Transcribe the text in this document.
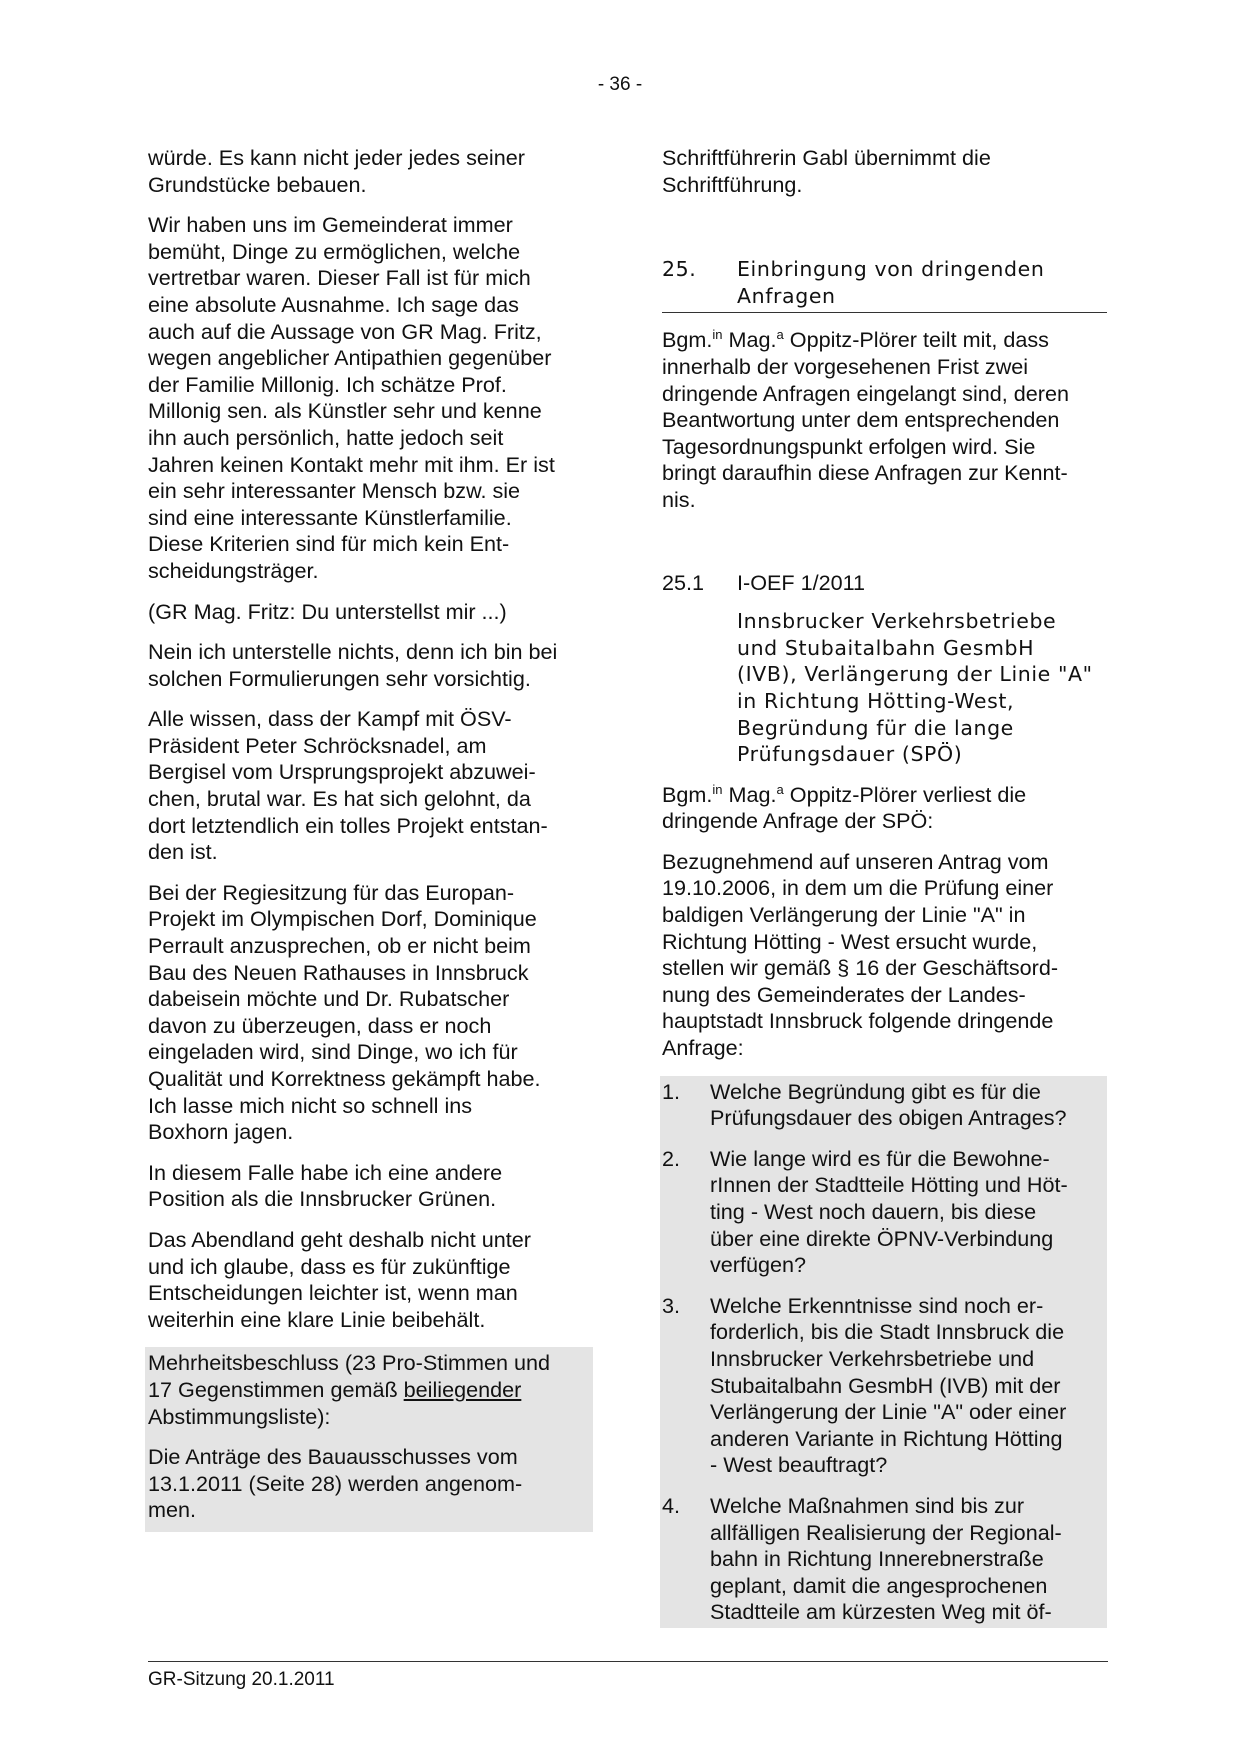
- 36 -
würde. Es kann nicht jeder jedes seiner
Grundstücke bebauen.
Wir haben uns im Gemeinderat immer
bemüht, Dinge zu ermöglichen, welche
vertretbar waren. Dieser Fall ist für mich
eine absolute Ausnahme. Ich sage das
auch auf die Aussage von GR Mag. Fritz,
wegen angeblicher Antipathien gegenüber
der Familie Millonig. Ich schätze Prof.
Millonig sen. als Künstler sehr und kenne
ihn auch persönlich, hatte jedoch seit
Jahren keinen Kontakt mehr mit ihm. Er ist
ein sehr interessanter Mensch bzw. sie
sind eine interessante Künstlerfamilie.
Diese Kriterien sind für mich kein Ent-
scheidungsträger.
(GR Mag. Fritz: Du unterstellst mir ...)
Nein ich unterstelle nichts, denn ich bin bei
solchen Formulierungen sehr vorsichtig.
Alle wissen, dass der Kampf mit ÖSV-
Präsident Peter Schröcksnadel, am
Bergisel vom Ursprungsprojekt abzuwei-
chen, brutal war. Es hat sich gelohnt, da
dort letztendlich ein tolles Projekt entstan-
den ist.
Bei der Regiesitzung für das Europan-
Projekt im Olympischen Dorf, Dominique
Perrault anzusprechen, ob er nicht beim
Bau des Neuen Rathauses in Innsbruck
dabeisein möchte und Dr. Rubatscher
davon zu überzeugen, dass er noch
eingeladen wird, sind Dinge, wo ich für
Qualität und Korrektness gekämpft habe.
Ich lasse mich nicht so schnell ins
Boxhorn jagen.
In diesem Falle habe ich eine andere
Position als die Innsbrucker Grünen.
Das Abendland geht deshalb nicht unter
und ich glaube, dass es für zukünftige
Entscheidungen leichter ist, wenn man
weiterhin eine klare Linie beibehält.
Mehrheitsbeschluss (23 Pro-Stimmen und
17 Gegenstimmen gemäß beiliegender
Abstimmungsliste):
Die Anträge des Bauausschusses vom
13.1.2011 (Seite 28) werden angenom-
men.
Schriftführerin Gabl übernimmt die
Schriftführung.
25.	Einbringung von dringenden
Anfragen
Bgm.$^{in}$ Mag.$^a$ Oppitz-Plörer teilt mit, dass
innerhalb der vorgesehenen Frist zwei
dringende Anfragen eingelangt sind, deren
Beantwortung unter dem entsprechenden
Tagesordnungspunkt erfolgen wird. Sie
bringt daraufhin diese Anfragen zur Kennt-
nis.
25.1	I-OEF 1/2011
Innsbrucker Verkehrsbetriebe
und Stubaitalbahn GesmbH
(IVB), Verlängerung der Linie "A"
in Richtung Hötting-West,
Begründung für die lange
Prüfungsdauer (SPÖ)
Bgm.$^{in}$ Mag.$^a$ Oppitz-Plörer verliest die
dringende Anfrage der SPÖ:
Bezugnehmend auf unseren Antrag vom
19.10.2006, in dem um die Prüfung einer
baldigen Verlängerung der Linie "A" in
Richtung Hötting - West ersucht wurde,
stellen wir gemäß § 16 der Geschäftsord-
nung des Gemeinderates der Landes-
hauptstadt Innsbruck folgende dringende
Anfrage:
1.	Welche Begründung gibt es für die
Prüfungsdauer des obigen Antrages?
2.	Wie lange wird es für die Bewohne-
rInnen der Stadtteile Hötting und Höt-
ting - West noch dauern, bis diese
über eine direkte ÖPNV-Verbindung
verfügen?
3.	Welche Erkenntnisse sind noch er-
forderlich, bis die Stadt Innsbruck die
Innsbrucker Verkehrsbetriebe und
Stubaitalbahn GesmbH (IVB) mit der
Verlängerung der Linie "A" oder einer
anderen Variante in Richtung Hötting
- West beauftragt?
4.	Welche Maßnahmen sind bis zur
allfälligen Realisierung der Regional-
bahn in Richtung Innerebnerstraße
geplant, damit die angesprochenen
Stadtteile am kürzesten Weg mit öf-
GR-Sitzung 20.1.2011
